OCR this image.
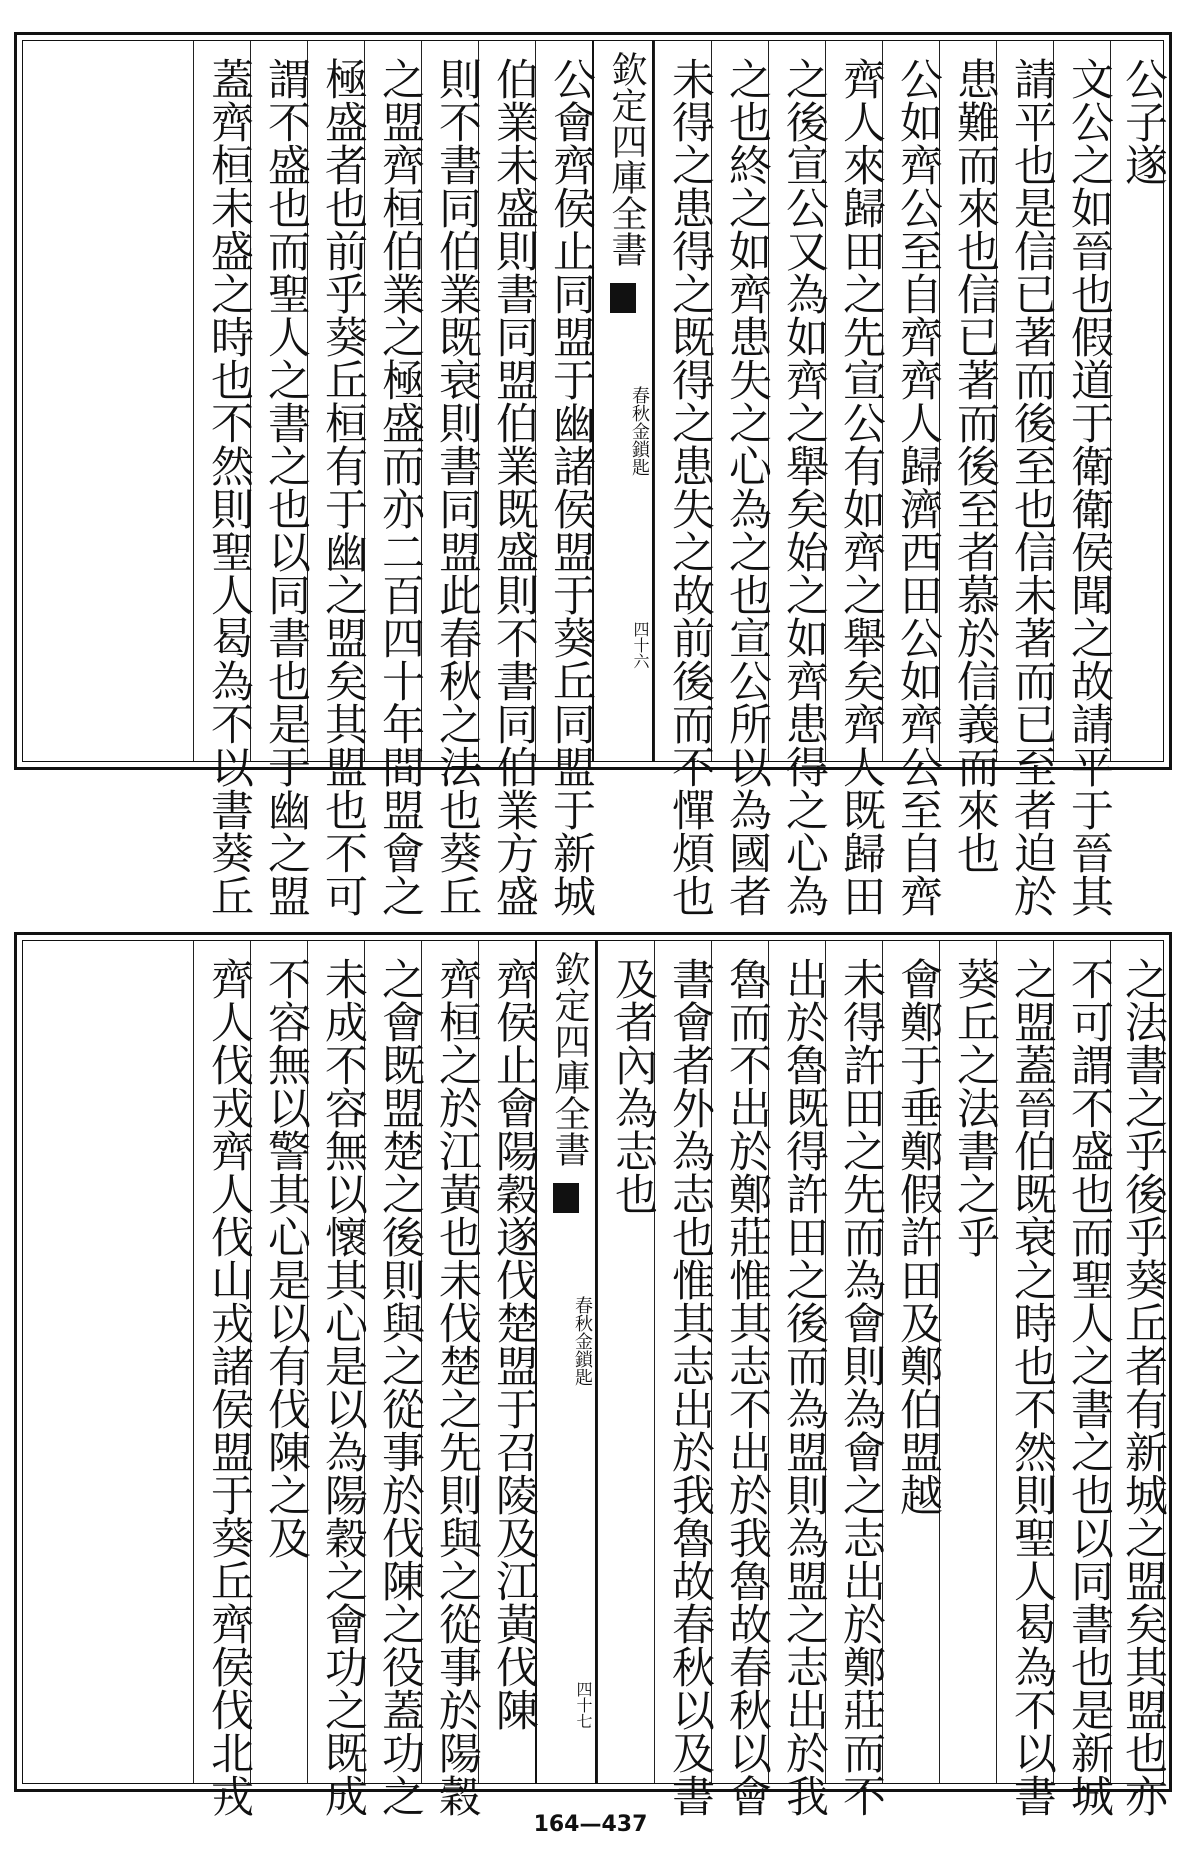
公子遂
文公之如晉也假道于衛衛侯聞之故請平于晉其
請平也是信已著而後至也信未著而已至者迫於
患難而來也信已著而後至者慕於信義而來也
公如齊公至自齊齊人歸濟西田公如齊公至自齊
齊人來歸田之先宣公有如齊之舉矣齊人既歸田
之後宣公又為如齊之舉矣始之如齊患得之心為
之也終之如齊患失之心為之也宣公所以為國者
未得之患得之既得之患失之故前後而不憚煩也
欽定四庫全書
春秋金鎖匙
四十六
公會齊侯止同盟于幽諸侯盟于葵丘同盟于新城
伯業未盛則書同盟伯業既盛則不書同伯業方盛
則不書同伯業既衰則書同盟此春秋之法也葵丘
之盟齊桓伯業之極盛而亦二百四十年間盟會之
極盛者也前乎葵丘桓有于幽之盟矣其盟也不可
謂不盛也而聖人之書之也以同書也是于幽之盟
蓋齊桓未盛之時也不然則聖人曷為不以書葵丘
之法書之乎後乎葵丘者有新城之盟矣其盟也亦
不可謂不盛也而聖人之書之也以同書也是新城
之盟蓋晉伯既衰之時也不然則聖人曷為不以書
葵丘之法書之乎
會鄭于垂鄭假許田及鄭伯盟越
未得許田之先而為會則為會之志出於鄭莊而不
出於魯既得許田之後而為盟則為盟之志出於我
魯而不出於鄭莊惟其志不出於我魯故春秋以會
書會者外為志也惟其志出於我魯故春秋以及書
及者內為志也
欽定四庫全書
春秋金鎖匙
四十七
齊侯止會陽穀遂伐楚盟于召陵及江黃伐陳
齊桓之於江黃也未伐楚之先則與之從事於陽穀
之會既盟楚之後則與之從事於伐陳之役蓋功之
未成不容無以懷其心是以為陽穀之會功之既成
不容無以警其心是以有伐陳之及
齊人伐戎齊人伐山戎諸侯盟于葵丘齊侯伐北戎
164—437
